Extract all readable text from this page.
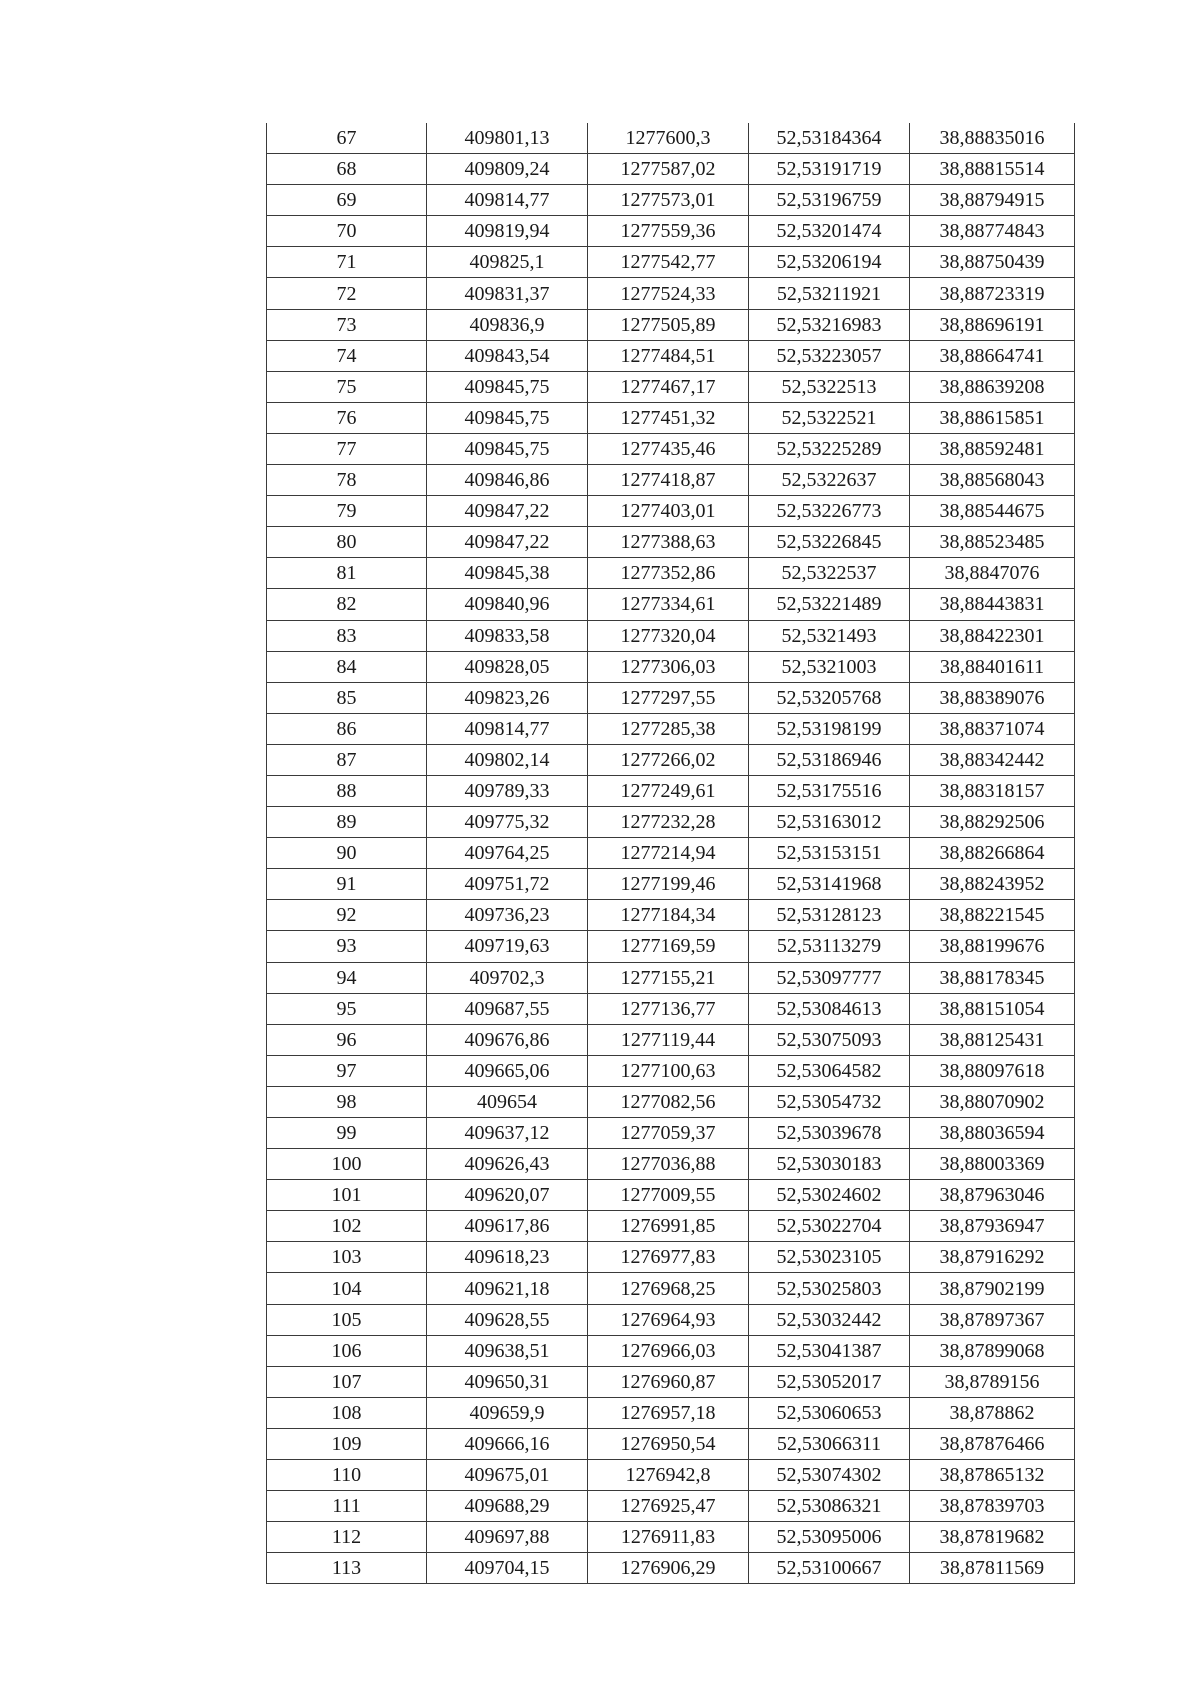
67	409801,13	1277600,3	52,53184364	38,88835016
68	409809,24	1277587,02	52,53191719	38,88815514
69	409814,77	1277573,01	52,53196759	38,88794915
70	409819,94	1277559,36	52,53201474	38,88774843
71	409825,1	1277542,77	52,53206194	38,88750439
72	409831,37	1277524,33	52,53211921	38,88723319
73	409836,9	1277505,89	52,53216983	38,88696191
74	409843,54	1277484,51	52,53223057	38,88664741
75	409845,75	1277467,17	52,5322513	38,88639208
76	409845,75	1277451,32	52,5322521	38,88615851
77	409845,75	1277435,46	52,53225289	38,88592481
78	409846,86	1277418,87	52,5322637	38,88568043
79	409847,22	1277403,01	52,53226773	38,88544675
80	409847,22	1277388,63	52,53226845	38,88523485
81	409845,38	1277352,86	52,5322537	38,8847076
82	409840,96	1277334,61	52,53221489	38,88443831
83	409833,58	1277320,04	52,5321493	38,88422301
84	409828,05	1277306,03	52,5321003	38,88401611
85	409823,26	1277297,55	52,53205768	38,88389076
86	409814,77	1277285,38	52,53198199	38,88371074
87	409802,14	1277266,02	52,53186946	38,88342442
88	409789,33	1277249,61	52,53175516	38,88318157
89	409775,32	1277232,28	52,53163012	38,88292506
90	409764,25	1277214,94	52,53153151	38,88266864
91	409751,72	1277199,46	52,53141968	38,88243952
92	409736,23	1277184,34	52,53128123	38,88221545
93	409719,63	1277169,59	52,53113279	38,88199676
94	409702,3	1277155,21	52,53097777	38,88178345
95	409687,55	1277136,77	52,53084613	38,88151054
96	409676,86	1277119,44	52,53075093	38,88125431
97	409665,06	1277100,63	52,53064582	38,88097618
98	409654	1277082,56	52,53054732	38,88070902
99	409637,12	1277059,37	52,53039678	38,88036594
100	409626,43	1277036,88	52,53030183	38,88003369
101	409620,07	1277009,55	52,53024602	38,87963046
102	409617,86	1276991,85	52,53022704	38,87936947
103	409618,23	1276977,83	52,53023105	38,87916292
104	409621,18	1276968,25	52,53025803	38,87902199
105	409628,55	1276964,93	52,53032442	38,87897367
106	409638,51	1276966,03	52,53041387	38,87899068
107	409650,31	1276960,87	52,53052017	38,8789156
108	409659,9	1276957,18	52,53060653	38,878862
109	409666,16	1276950,54	52,53066311	38,87876466
110	409675,01	1276942,8	52,53074302	38,87865132
111	409688,29	1276925,47	52,53086321	38,87839703
112	409697,88	1276911,83	52,53095006	38,87819682
113	409704,15	1276906,29	52,53100667	38,87811569
